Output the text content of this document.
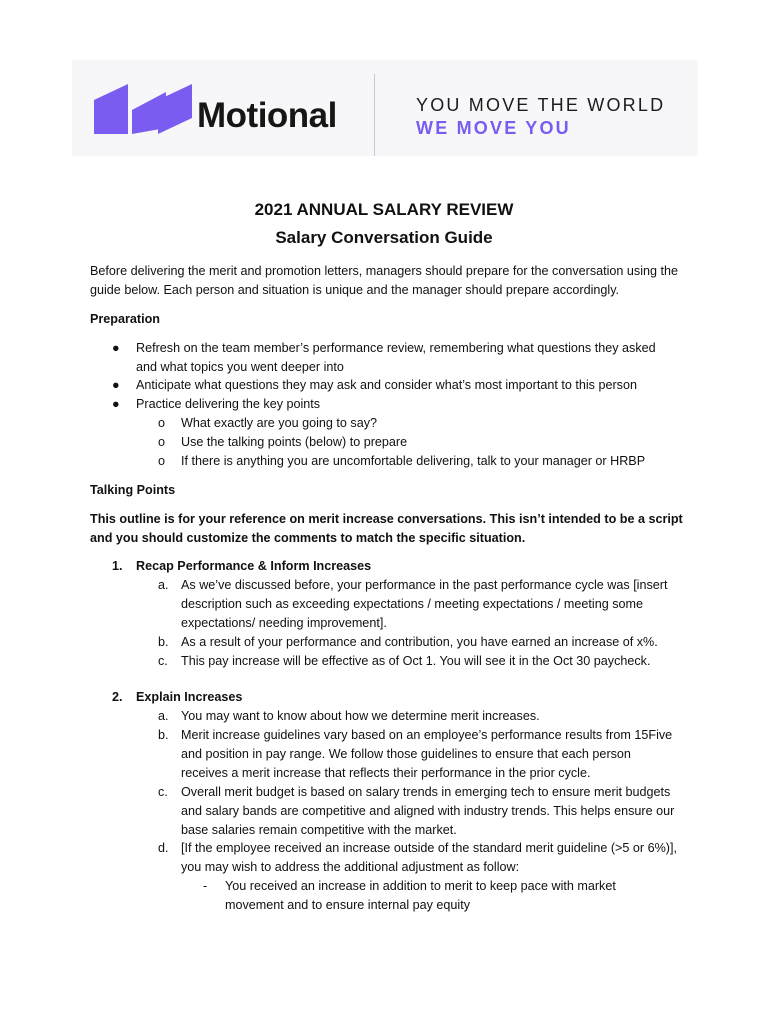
Motional	YOU MOVE THE WORLD
WE MOVE YOU
2021 ANNUAL SALARY REVIEW
Salary Conversation Guide
Before delivering the merit and promotion letters, managers should prepare for the conversation using the guide below. Each person and situation is unique and the manager should prepare accordingly.
Preparation
● Refresh on the team member’s performance review, remembering what questions they asked and what topics you went deeper into
● Anticipate what questions they may ask and consider what’s most important to this person
● Practice delivering the key points
o What exactly are you going to say?
o Use the talking points (below) to prepare
o If there is anything you are uncomfortable delivering, talk to your manager or HRBP
Talking Points
This outline is for your reference on merit increase conversations. This isn’t intended to be a script and you should customize the comments to match the specific situation.
1. Recap Performance & Inform Increases
a. As we’ve discussed before, your performance in the past performance cycle was [insert description such as exceeding expectations / meeting expectations / meeting some expectations/ needing improvement].
b. As a result of your performance and contribution, you have earned an increase of x%.
c. This pay increase will be effective as of Oct 1. You will see it in the Oct 30 paycheck.
2. Explain Increases
a. You may want to know about how we determine merit increases.
b. Merit increase guidelines vary based on an employee’s performance results from 15Five and position in pay range. We follow those guidelines to ensure that each person receives a merit increase that reflects their performance in the prior cycle.
c. Overall merit budget is based on salary trends in emerging tech to ensure merit budgets and salary bands are competitive and aligned with industry trends. This helps ensure our base salaries remain competitive with the market.
d. [If the employee received an increase outside of the standard merit guideline (>5 or 6%)], you may wish to address the additional adjustment as follow:
- You received an increase in addition to merit to keep pace with market movement and to ensure internal pay equity
